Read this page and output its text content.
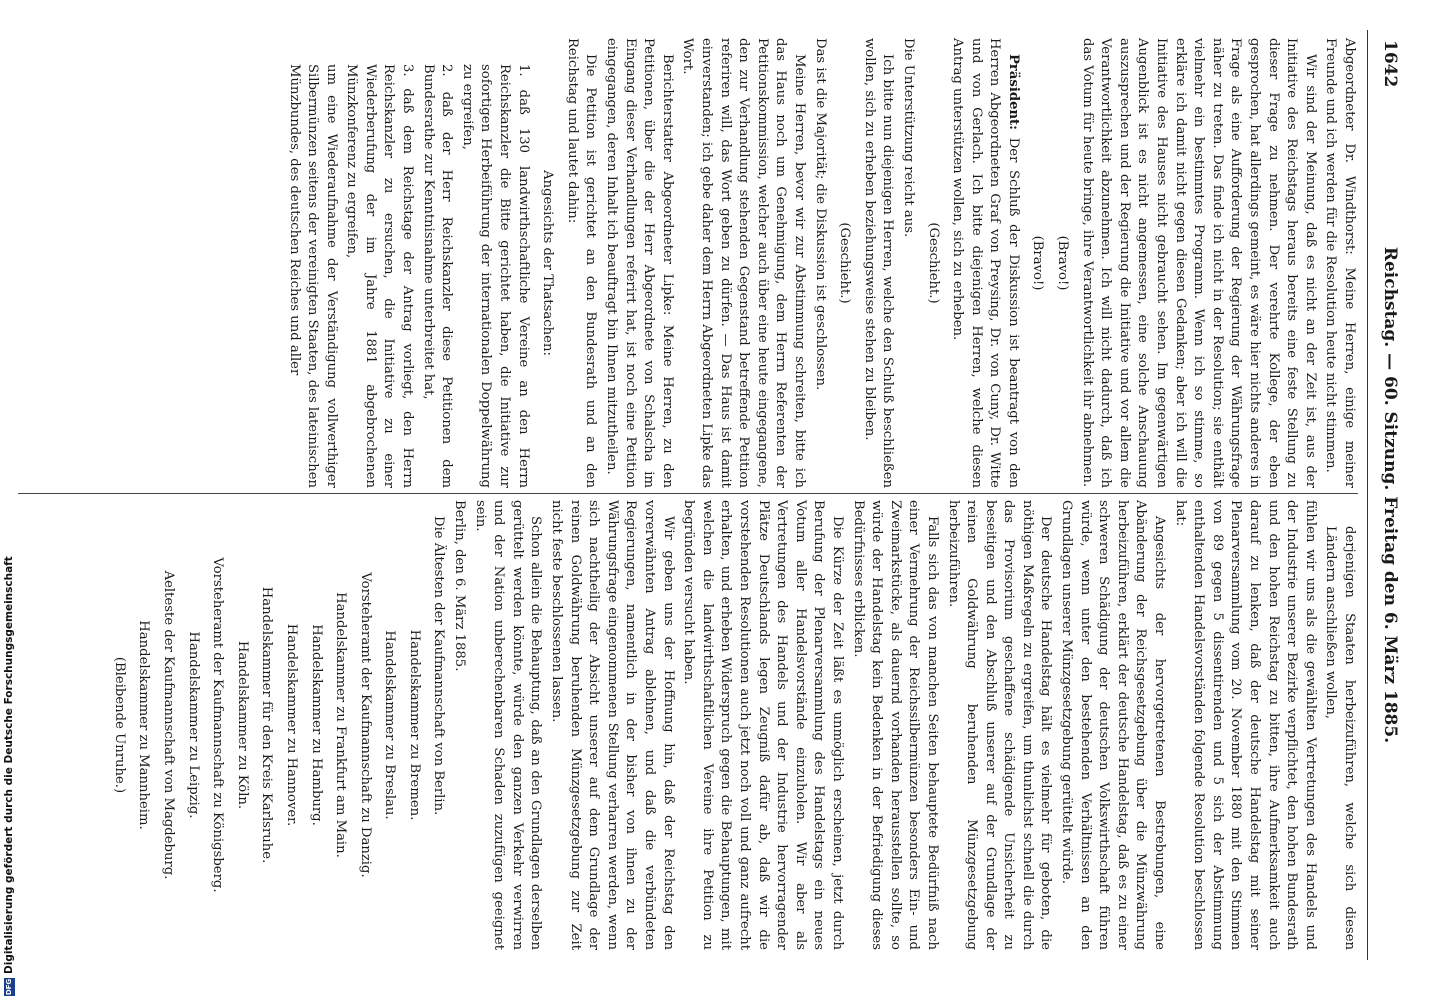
1642
Reichstag. — 60. Sitzung. Freitag den 6. März 1885.

Abgeordneter Dr. Windthorst: Meine Herren, einige meiner Freunde und ich werden für die Resolution heute nicht stimmen.

Wir sind der Meinung, daß es nicht an der Zeit ist, aus der Initiative des Reichstags heraus bereits eine feste Stellung zu dieser Frage zu nehmen. Der verehrte Kollege, der eben gesprochen, hat allerdings gemeint, es wäre hier nichts anderes in Frage als eine Aufforderung der Regierung der Währungsfrage näher zu treten. Das finde ich nicht in der Resolution; sie enthält vielmehr ein bestimmtes Programm. Wenn ich so stimme, so erkläre ich damit nicht gegen diesen Gedanken; aber ich will die Initiative des Hauses nicht gebraucht sehen. Im gegenwärtigen Augenblick ist es nicht angemessen, eine solche Anschauung auszusprechen und der Regierung die Initiative und vor allem die Verantwortlichkeit abzunehmen. Ich will nicht dadurch, daß ich das Votum für heute bringe, ihre Verantwortlichkeit ihr abnehmen.

(Bravo!)

(Bravo!)

Präsident: Der Schluß der Diskussion ist beantragt von den Herren Abgeordneten Graf von Preysing, Dr. von Cuny, Dr. Witte und von Gerlach. Ich bitte diejenigen Herren, welche diesen Antrag unterstützen wollen, sich zu erheben.

(Geschieht.)

Die Unterstützung reicht aus.

Ich bitte nun diejenigen Herren, welche den Schluß beschließen wollen, sich zu erheben beziehungsweise stehen zu bleiben.

(Geschieht.)

Das ist die Majorität; die Diskussion ist geschlossen.

Meine Herren, bevor wir zur Abstimmung schreiten, bitte ich das Haus noch um Genehmigung, dem Herrn Referenten der Petitionskommission, welcher auch über eine heute eingegangene, den zur Verhandlung stehenden Gegenstand betreffende Petition referiren will, das Wort geben zu dürfen. — Das Haus ist damit einverstanden; ich gebe daher dem Herrn Abgeordneten Lipke das Wort.

Berichterstatter Abgeordneter Lipke: Meine Herren, zu den Petitionen, über die der Herr Abgeordnete von Schalscha im Eingang dieser Verhandlungen referirt hat, ist noch eine Petition eingegangen, deren Inhalt ich beauftragt bin Ihnen mitzutheilen.

Die Petition ist gerichtet an den Bundesrath und an den Reichstag und lautet dahin:

Angesichts der Thatsachen:

1. daß 130 landwirthschaftliche Vereine an den Herrn Reichskanzler die Bitte gerichtet haben, die Initiative zur sofortigen Herbeiführung der internationalen Doppelwährung zu ergreifen,

2. daß der Herr Reichskanzler diese Petitionen dem Bundesrathe zur Kenntnisnahme unterbreitet hat,

3. daß dem Reichstage der Antrag vorliegt, den Herrn Reichskanzler zu ersuchen, die Initiative zu einer Wiederberufung der im Jahre 1881 abgebrochenen Münzkonferenz zu ergreifen,

um eine Wiederaufnahme der Verständigung vollwerthiger Silbermünzen seitens der vereinigten Staaten, des lateinischen Münzbundes, des deutschen Reiches und aller

derjenigen Staaten herbeizuführen, welche sich diesen Ländern anschließen wollen,

fühlen wir uns als die gewählten Vertretungen des Handels und der Industrie unserer Bezirke verpflichtet, den hohen Bundesrath und den hohen Reichstag zu bitten, ihre Aufmerksamkeit auch darauf zu lenken, daß der deutsche Handelstag mit seiner Plenarversammlung vom 20. November 1880 mit den Stimmen von 89 gegen 5 dissentirenden und 5 sich der Abstimmung enthaltenden Handelsvorständen folgende Resolution beschlossen hat:

Angesichts der hervorgetretenen Bestrebungen, eine Abänderung der Reichsgesetzgebung über die Münzwährung herbeizuführen, erklärt der deutsche Handelstag, daß es zu einer schweren Schädigung der deutschen Volkswirthschaft führen würde, wenn unter den bestehenden Verhältnissen an den Grundlagen unserer Münzgesetzgebung gerüttelt würde.

Der deutsche Handelstag hält es vielmehr für geboten, die nöthigen Maßregeln zu ergreifen, um thunlichst schnell die durch das Provisorium geschaffene schädigende Unsicherheit zu beseitigen und den Abschluß unserer auf der Grundlage der reinen Goldwährung beruhenden Münzgesetzgebung herbeizuführen.

Falls sich das von manchen Seiten behauptete Bedürfniß nach einer Vermehrung der Reichssilbermünzen besonders Ein- und Zweimarkstücke, als dauernd vorhanden herausstellen sollte, so würde der Handelstag kein Bedenken in der Befriedigung dieses Bedürfnisses erblicken.

Die Kürze der Zeit läßt es unmöglich erscheinen, jetzt durch Berufung der Plenarversammlung des Handelstags ein neues Votum aller Handelsvorstände einzuholen. Wir aber als Vertretungen des Handels und der Industrie hervorragender Plätze Deutschlands legen Zeugniß dafür ab, daß wir die vorstehenden Resolutionen auch jetzt noch voll und ganz aufrecht erhalten, und erheben Widerspruch gegen die Behauptungen, mit welchen die landwirthschaftlichen Vereine ihre Petition zu begründen versucht haben.

Wir geben uns der Hoffnung hin, daß der Reichstag den vorerwähnten Antrag ablehnen, und daß die verbündeten Regierungen, namentlich in der bisher von ihnen zu der Währungsfrage eingenommenen Stellung verharren werden, wenn sich nachtheilig der Absicht unserer auf dem Grundlage der reinen Goldwährung beruhenden Münzgesetzgebung zur Zeit nicht feste beschlossenen lassen.

Schon allein die Behauptung, daß an den Grundlagen derselben gerüttelt werden könnte, würde den ganzen Verkehr verwirren und der Nation unberechenbaren Schaden zuzufügen geeignet sein.

Berlin, den 6. März 1885.

Die Ältesten der Kaufmannschaft von Berlin.

Handelskammer zu Bremen.

Handelskammer zu Breslau.

Vorsteheramt der Kaufmannschaft zu Danzig.

Handelskammer zu Frankfurt am Main.

Handelskammer zu Hamburg.

Handelskammer zu Hannover.

Handelskammer für den Kreis Karlsruhe.

Handelskammer zu Köln.

Vorsteheramt der Kaufmannschaft zu Königsberg.

Handelskammer zu Leipzig.

Aelteste der Kaufmannschaft von Magdeburg.

Handelskammer zu Mannheim.

(Bleibende Unruhe.)

DFGDigitalisierung gefördert durch die Deutsche Forschungsgemeinschaft
